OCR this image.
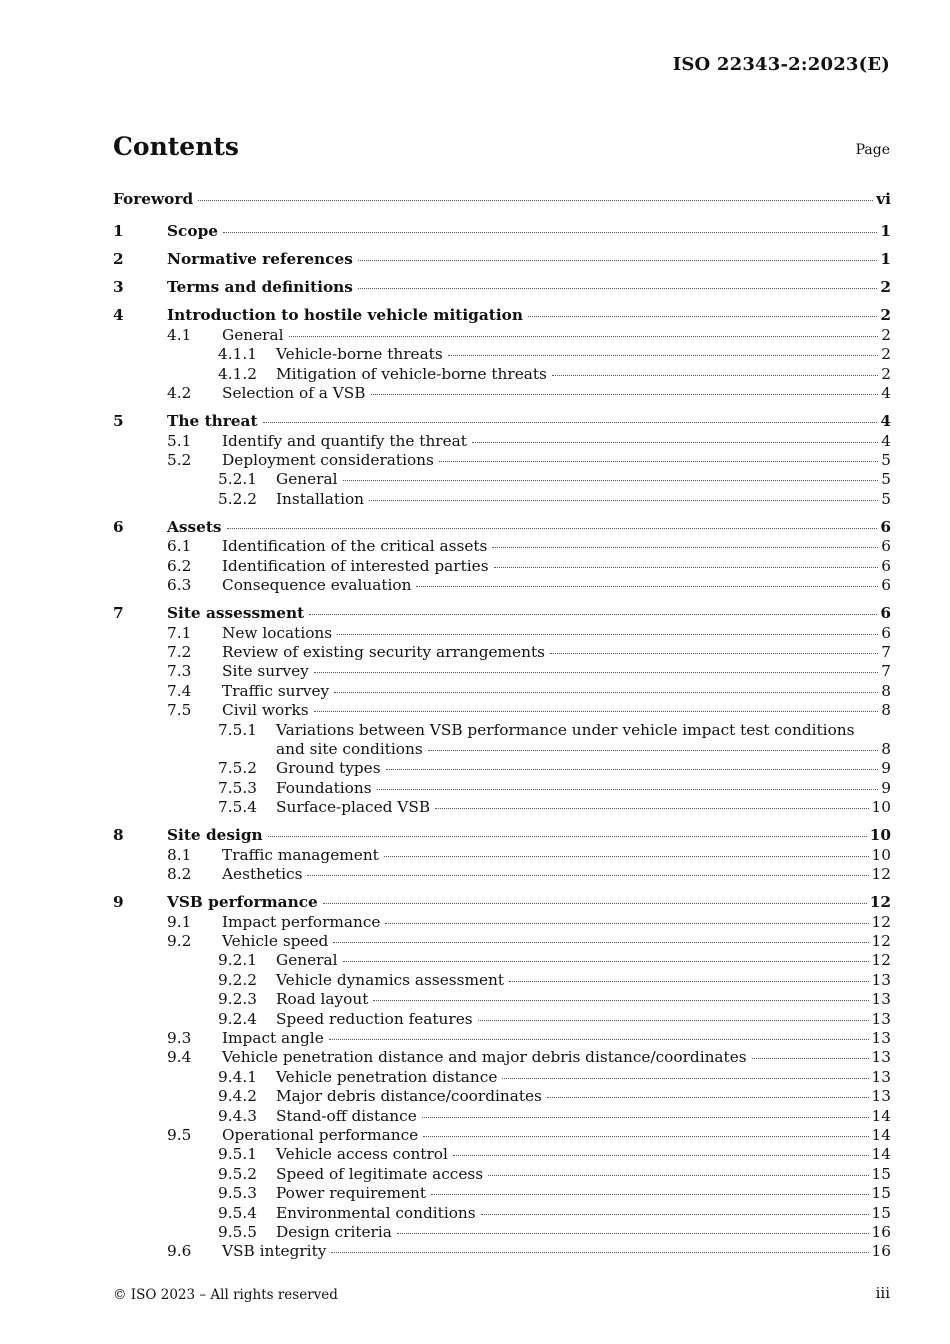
ISO 22343-2:2023(E)
Contents	Page
Foreword	vi
1	Scope	1
2	Normative references	1
3	Terms and definitions	2
4	Introduction to hostile vehicle mitigation	2
4.1 General	2
4.1.1 Vehicle-borne threats	2
4.1.2 Mitigation of vehicle-borne threats	2
4.2 Selection of a VSB	4
5	The threat	4
5.1 Identify and quantify the threat	4
5.2 Deployment considerations	5
5.2.1 General	5
5.2.2 Installation	5
6	Assets	6
6.1 Identification of the critical assets	6
6.2 Identification of interested parties	6
6.3 Consequence evaluation	6
7	Site assessment	6
7.1 New locations	6
7.2 Review of existing security arrangements	7
7.3 Site survey	7
7.4 Traffic survey	8
7.5 Civil works	8
7.5.1 Variations between VSB performance under vehicle impact test conditions
and site conditions	8
7.5.2 Ground types	9
7.5.3 Foundations	9
7.5.4 Surface-placed VSB	10
8	Site design	10
8.1 Traffic management	10
8.2 Aesthetics	12
9	VSB performance	12
9.1 Impact performance	12
9.2 Vehicle speed	12
9.2.1 General	12
9.2.2 Vehicle dynamics assessment	13
9.2.3 Road layout	13
9.2.4 Speed reduction features	13
9.3 Impact angle	13
9.4 Vehicle penetration distance and major debris distance/coordinates	13
9.4.1 Vehicle penetration distance	13
9.4.2 Major debris distance/coordinates	13
9.4.3 Stand-off distance	14
9.5 Operational performance	14
9.5.1 Vehicle access control	14
9.5.2 Speed of legitimate access	15
9.5.3 Power requirement	15
9.5.4 Environmental conditions	15
9.5.5 Design criteria	16
9.6 VSB integrity	16
© ISO 2023 – All rights reserved	iii
